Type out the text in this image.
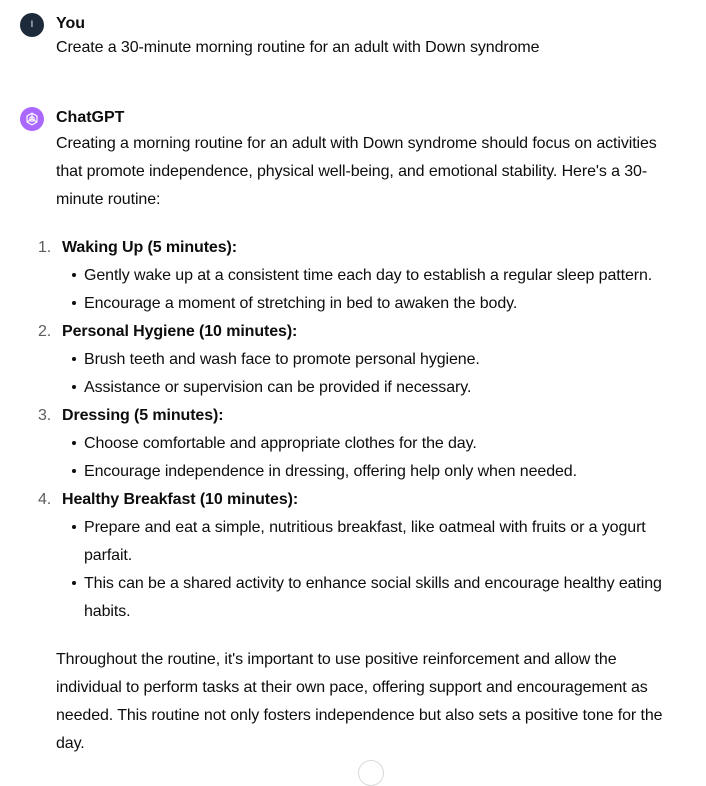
I You

Create a 30-minute morning routine for an adult with Down syndrome

ChatGPT

Creating a morning routine for an adult with Down syndrome should focus on activities that promote independence, physical well-being, and emotional stability. Here's a 30-minute routine:

1. Waking Up (5 minutes):
Gently wake up at a consistent time each day to establish a regular sleep pattern.
Encourage a moment of stretching in bed to awaken the body.
2. Personal Hygiene (10 minutes):
Brush teeth and wash face to promote personal hygiene.
Assistance or supervision can be provided if necessary.
3. Dressing (5 minutes):
Choose comfortable and appropriate clothes for the day.
Encourage independence in dressing, offering help only when needed.
4. Healthy Breakfast (10 minutes):
Prepare and eat a simple, nutritious breakfast, like oatmeal with fruits or a yogurt parfait.
This can be a shared activity to enhance social skills and encourage healthy eating habits.

Throughout the routine, it's important to use positive reinforcement and allow the individual to perform tasks at their own pace, offering support and encouragement as needed. This routine not only fosters independence but also sets a positive tone for the day.
